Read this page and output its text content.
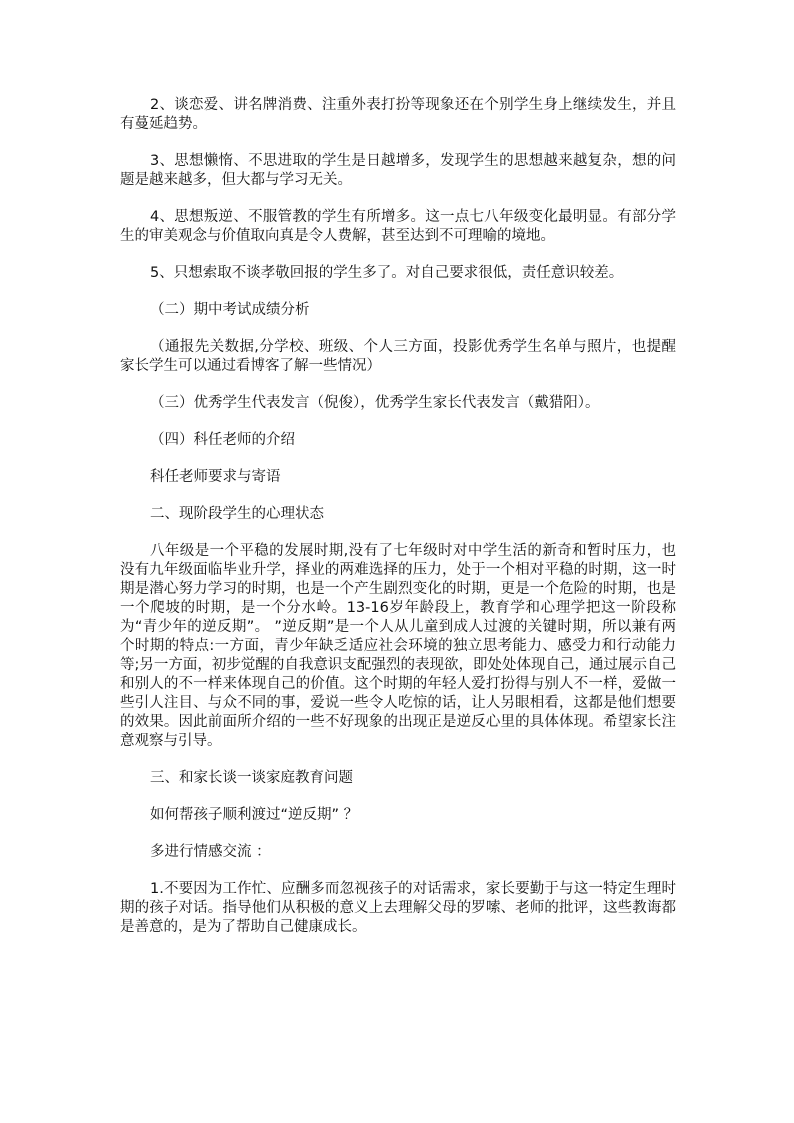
2、谈恋爱、讲名牌消费、注重外表打扮等现象还在个别学生身上继续发生，并且有蔓延趋势。

3、思想懒惰、不思进取的学生是日越增多，发现学生的思想越来越复杂，想的问题是越来越多，但大都与学习无关。

4、思想叛逆、不服管教的学生有所增多。这一点七八年级变化最明显。有部分学生的审美观念与价值取向真是令人费解，甚至达到不可理喻的境地。

5、只想索取不谈孝敬回报的学生多了。对自己要求很低，责任意识较差。

（二）期中考试成绩分析

（通报先关数据,分学校、班级、个人三方面，投影优秀学生名单与照片，也提醒家长学生可以通过看博客了解一些情况）

（三）优秀学生代表发言（倪俊），优秀学生家长代表发言（戴猎阳）。

（四）科任老师的介绍

科任老师要求与寄语

二、现阶段学生的心理状态

八年级是一个平稳的发展时期,没有了七年级时对中学生活的新奇和暂时压力，也没有九年级面临毕业升学，择业的两难选择的压力，处于一个相对平稳的时期，这一时期是潜心努力学习的时期，也是一个产生剧烈变化的时期，更是一个危险的时期，也是一个爬坡的时期，是一个分水岭。13-16岁年龄段上，教育学和心理学把这一阶段称为“青少年的逆反期”。 ”逆反期”是一个人从儿童到成人过渡的关键时期，所以兼有两个时期的特点:一方面，青少年缺乏适应社会环境的独立思考能力、感受力和行动能力等;另一方面，初步觉醒的自我意识支配强烈的表现欲，即处处体现自己，通过展示自己和别人的不一样来体现自己的价值。这个时期的年轻人爱打扮得与别人不一样，爱做一些引人注目、与众不同的事，爱说一些令人吃惊的话，让人另眼相看，这都是他们想要的效果。因此前面所介绍的一些不好现象的出现正是逆反心里的具体体现。希望家长注意观察与引导。

三、和家长谈一谈家庭教育问题

如何帮孩子顺利渡过“逆反期” ？

多进行情感交流 ：

1.不要因为工作忙、应酬多而忽视孩子的对话需求，家长要勤于与这一特定生理时期的孩子对话。指导他们从积极的意义上去理解父母的罗嗦、老师的批评，这些教诲都是善意的，是为了帮助自己健康成长。
